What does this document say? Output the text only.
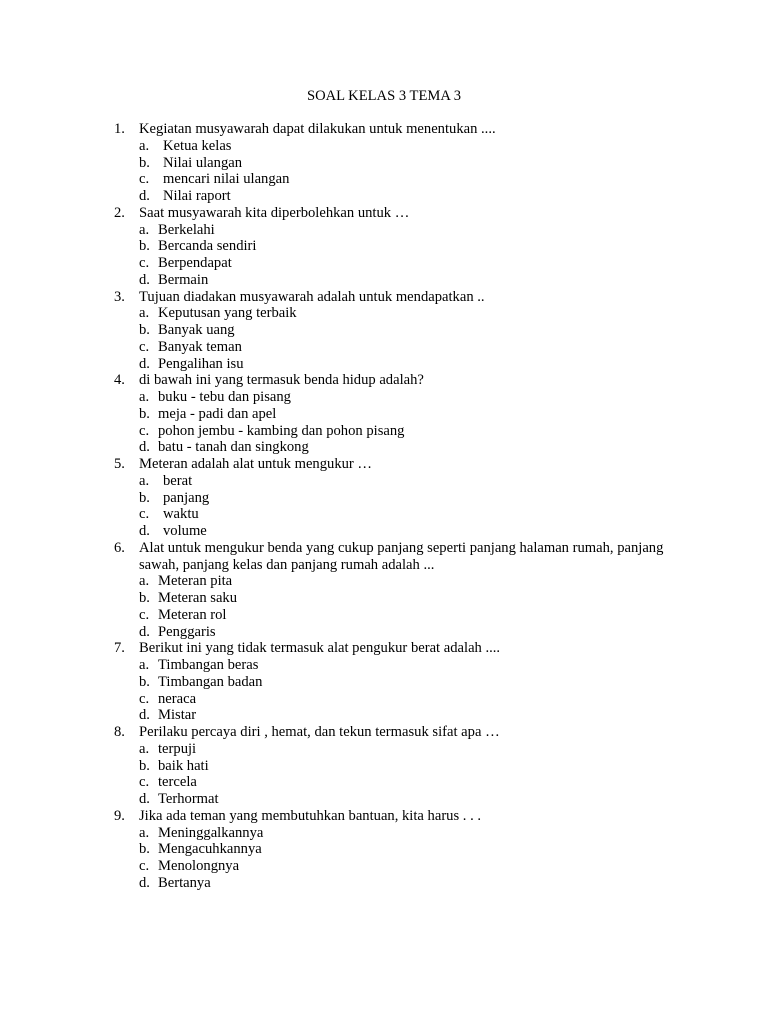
SOAL KELAS 3 TEMA 3
1. Kegiatan musyawarah dapat dilakukan untuk menentukan ....
a. Ketua kelas
b. Nilai ulangan
c. mencari nilai ulangan
d. Nilai raport
2. Saat musyawarah kita diperbolehkan untuk …
a. Berkelahi
b. Bercanda sendiri
c. Berpendapat
d. Bermain
3. Tujuan diadakan musyawarah adalah untuk mendapatkan ..
a. Keputusan yang terbaik
b. Banyak uang
c. Banyak teman
d. Pengalihan isu
4. di bawah ini yang termasuk benda hidup adalah?
a. buku - tebu dan pisang
b. meja - padi dan apel
c. pohon jembu - kambing dan pohon pisang
d. batu - tanah dan singkong
5. Meteran adalah alat untuk mengukur …
a. berat
b. panjang
c. waktu
d. volume
6. Alat untuk mengukur benda yang cukup panjang seperti panjang halaman rumah, panjang sawah, panjang kelas dan panjang rumah adalah ...
a. Meteran pita
b. Meteran saku
c. Meteran rol
d. Penggaris
7. Berikut ini yang tidak termasuk alat pengukur berat adalah ....
a. Timbangan beras
b. Timbangan badan
c. neraca
d. Mistar
8. Perilaku percaya diri , hemat, dan tekun termasuk sifat apa …
a. terpuji
b. baik hati
c. tercela
d. Terhormat
9. Jika ada teman yang membutuhkan bantuan, kita harus . . .
a. Meninggalkannya
b. Mengacuhkannya
c. Menolongnya
d. Bertanya
